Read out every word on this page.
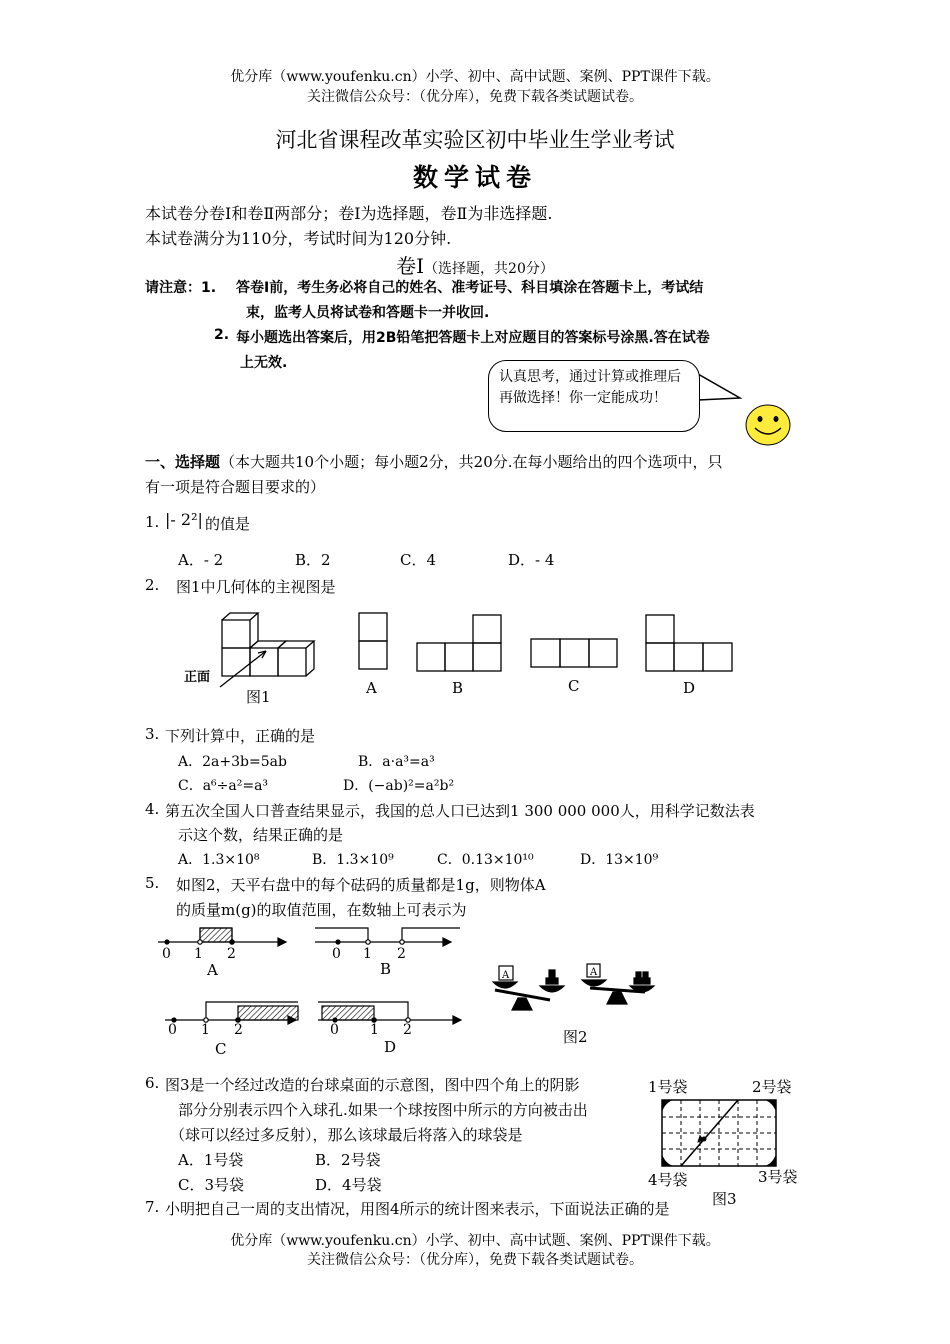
优分库（www.youfenku.cn）小学、初中、高中试题、案例、PPT课件下载。
关注微信公众号：（优分库），免费下载各类试题试卷。
河北省课程改革实验区初中毕业生学业考试
数学试卷
本试卷分卷Ⅰ和卷Ⅱ两部分；卷Ⅰ为选择题，卷Ⅱ为非选择题.
本试卷满分为110分，考试时间为120分钟.
卷Ⅰ（选择题，共20分）
请注意：1. 答卷Ⅰ前，考生务必将自己的姓名、准考证号、科目填涂在答题卡上，考试结
束，监考人员将试卷和答题卡一并收回.
2. 每小题选出答案后，用2B铅笔把答题卡上对应题目的答案标号涂黑.答在试卷
上无效.
认真思考，通过计算或推理后再做选择！你一定能成功！
一、选择题（本大题共10个小题；每小题2分，共20分.在每小题给出的四个选项中，只
有一项是符合题目要求的）
1. |- 2²| 的值是
A．- 2	B．2	C．4	D．- 4
2. 图1中几何体的主视图是
正面
图1	A	B	C	D
3. 下列计算中，正确的是
A．2a+3b=5ab	B．a·a³=a³
C．a⁶÷a²=a³	D．(−ab)²=a²b²
4. 第五次全国人口普查结果显示，我国的总人口已达到1 300 000 000人，用科学记数法表
示这个数，结果正确的是
A．1.3×10⁸	B．1.3×10⁹	C．0.13×10¹⁰	D．13×10⁹
5. 如图2，天平右盘中的每个砝码的质量都是1g，则物体A
的质量m(g)的取值范围，在数轴上可表示为
0 1 2
A
0 1 2
B
0 1 2
C
0 1 2
D
A	A
图2
6. 图3是一个经过改造的台球桌面的示意图，图中四个角上的阴影
部分分别表示四个入球孔.如果一个球按图中所示的方向被击出
（球可以经过多反射），那么该球最后将落入的球袋是
A．1号袋	B．2号袋
C．3号袋	D．4号袋
1号袋	2号袋
4号袋	3号袋
图3
7. 小明把自己一周的支出情况，用图4所示的统计图来表示，下面说法正确的是
优分库（www.youfenku.cn）小学、初中、高中试题、案例、PPT课件下载。
关注微信公众号：（优分库），免费下载各类试题试卷。
